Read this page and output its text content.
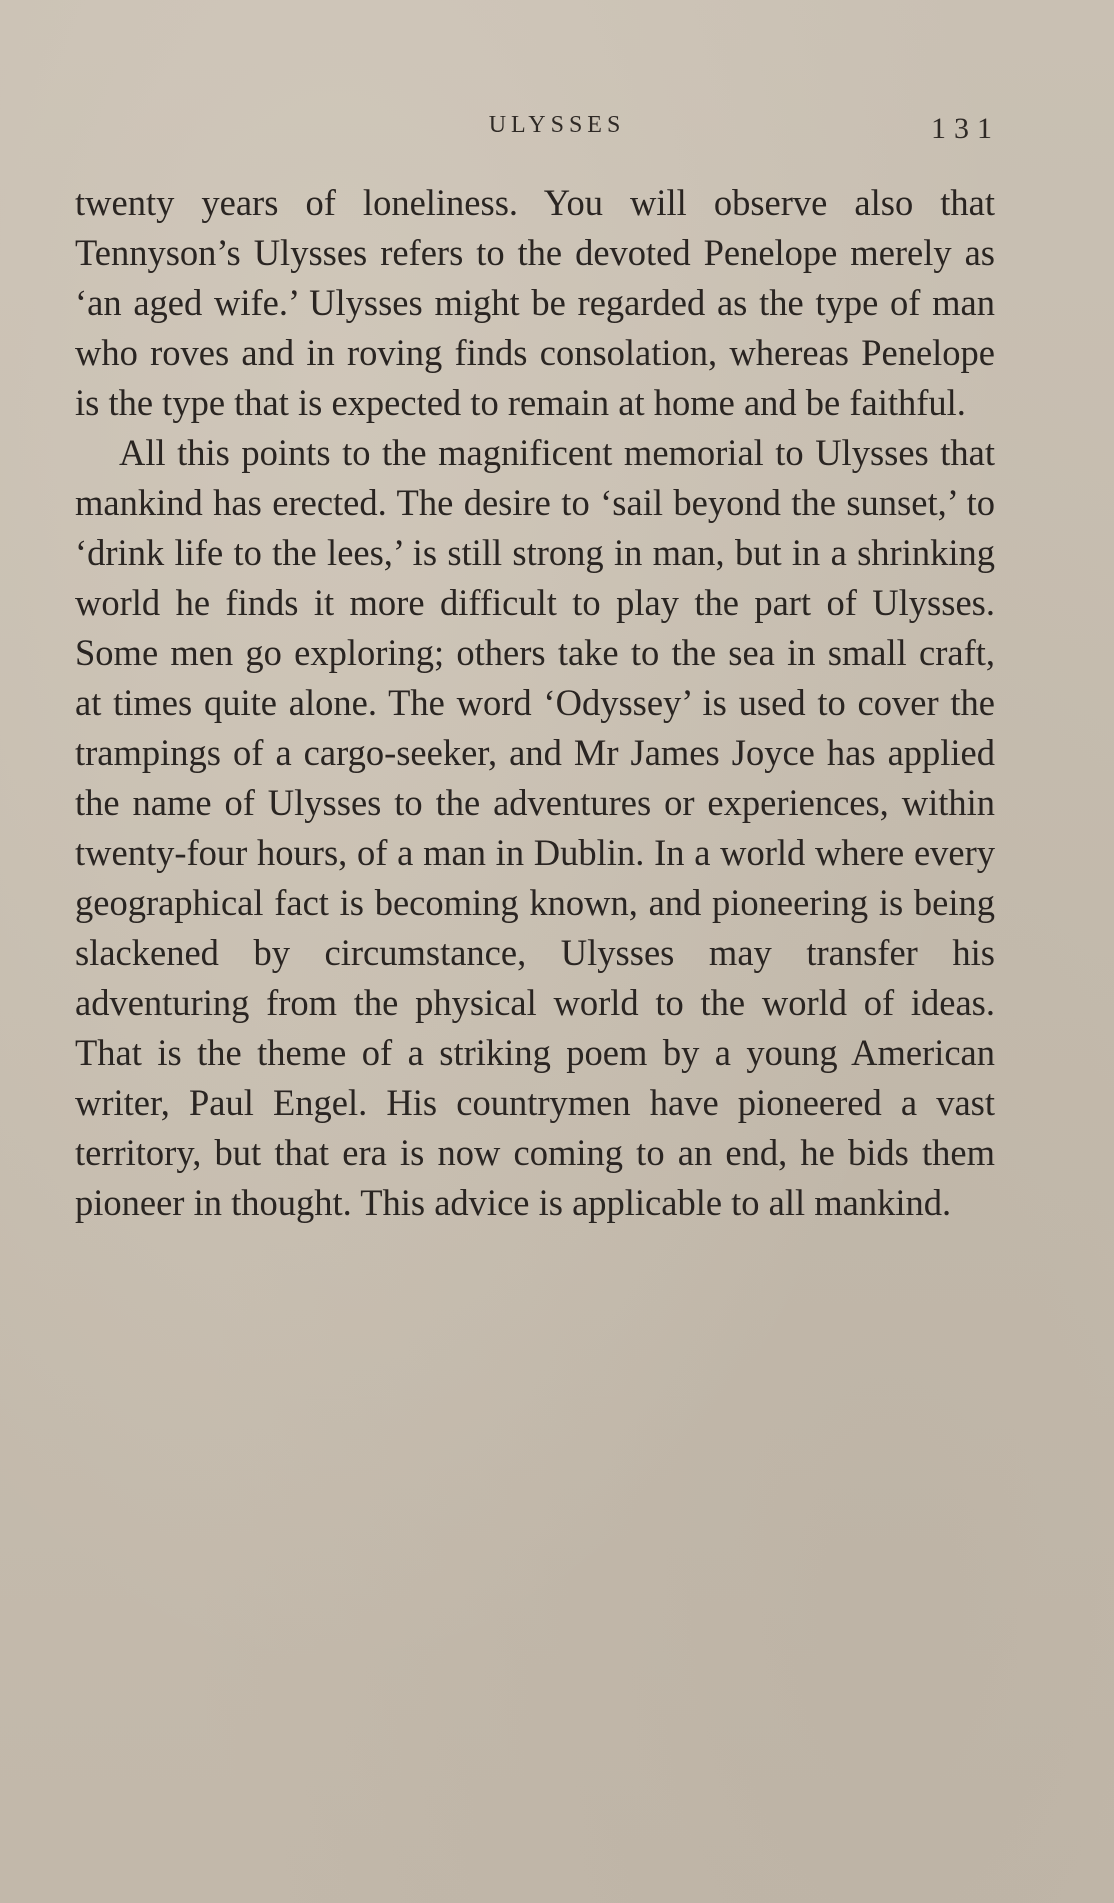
ULYSSES	131

twenty years of loneliness. You will observe also that Tennyson’s Ulysses refers to the devoted Penelope merely as ‘an aged wife.’ Ulysses might be regarded as the type of man who roves and in roving finds consolation, whereas Penelope is the type that is expected to remain at home and be faithful.

All this points to the magnificent memorial to Ulysses that mankind has erected. The desire to ‘sail beyond the sunset,’ to ‘drink life to the lees,’ is still strong in man, but in a shrinking world he finds it more difficult to play the part of Ulysses. Some men go exploring; others take to the sea in small craft, at times quite alone. The word ‘Odyssey’ is used to cover the trampings of a cargo-seeker, and Mr James Joyce has applied the name of Ulysses to the adventures or experiences, within twenty-four hours, of a man in Dublin. In a world where every geographical fact is becoming known, and pioneering is being slackened by circumstance, Ulysses may transfer his adventuring from the physical world to the world of ideas. That is the theme of a striking poem by a young American writer, Paul Engel. His countrymen have pioneered a vast territory, but that era is now coming to an end, he bids them pioneer in thought. This advice is applicable to all mankind.
